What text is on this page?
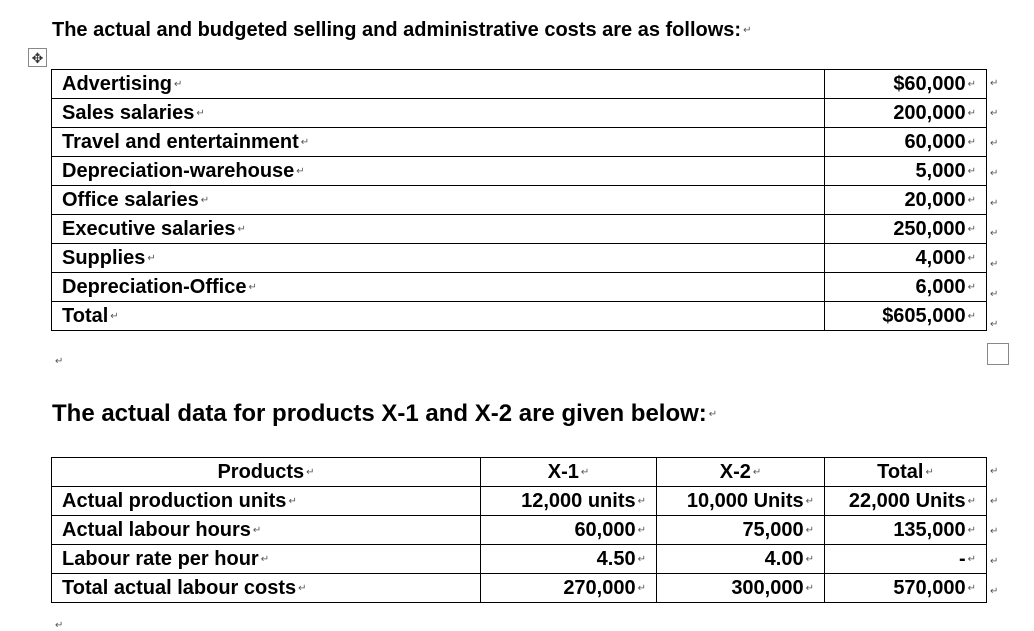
The actual and budgeted selling and administrative costs are as follows: ↵
✥
Advertising ↵	$60,000 ↵
Sales salaries ↵	200,000 ↵
Travel and entertainment ↵	60,000 ↵
Depreciation-warehouse ↵	5,000 ↵
Office salaries ↵	20,000 ↵
Executive salaries ↵	250,000 ↵
Supplies ↵	4,000 ↵
Depreciation-Office ↵	6,000 ↵
Total ↵	$605,000 ↵
↵
↵
↵
↵
↵
↵
↵
↵
↵
↵
The actual data for products X-1 and X-2 are given below: ↵
Products ↵	X-1 ↵	X-2 ↵	Total ↵
Actual production units ↵	12,000 units ↵	10,000 Units ↵	22,000 Units ↵
Actual labour hours ↵	60,000 ↵	75,000 ↵	135,000 ↵
Labour rate per hour ↵	4.50 ↵	4.00 ↵	- ↵
Total actual labour costs ↵	270,000 ↵	300,000 ↵	570,000 ↵
↵
↵
↵
↵
↵
↵
